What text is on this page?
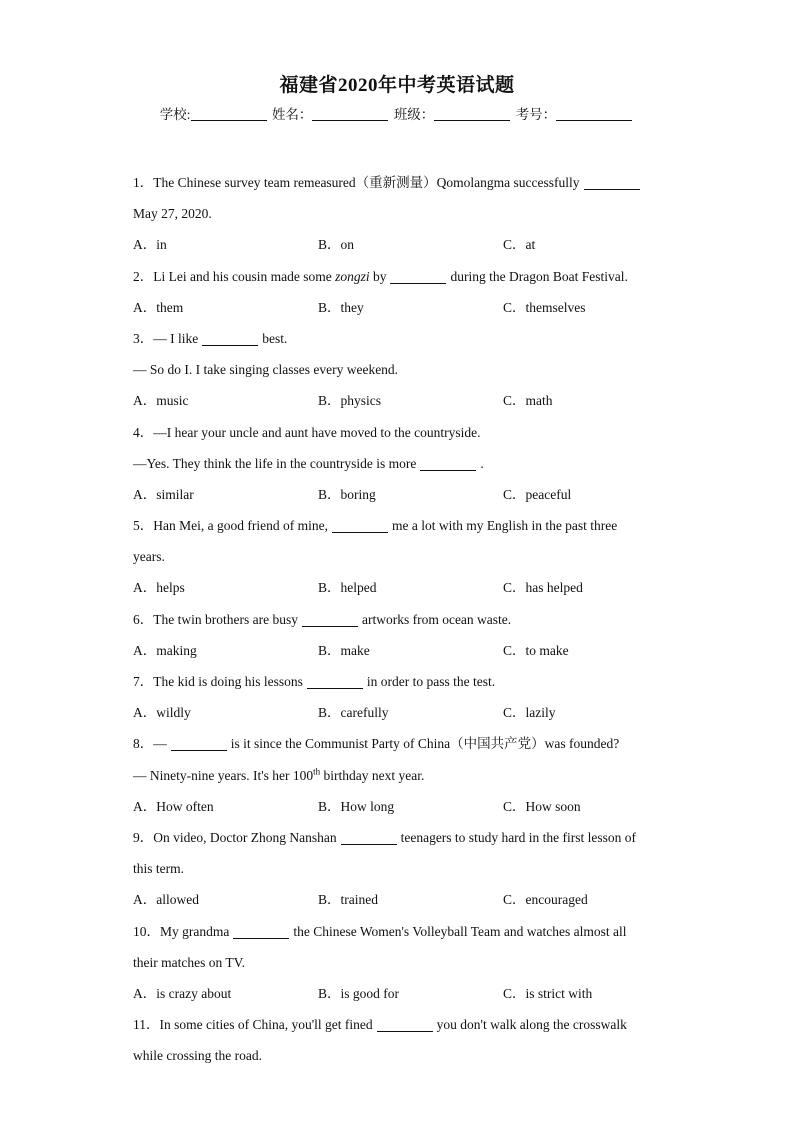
福建省2020年中考英语试题
学校:	姓名：	班级：	考号：
1．The Chinese survey team remeasured（重新测量）Qomolangma successfully
May 27, 2020.
A．in	B．on	C．at
2．Li Lei and his cousin made some zongzi by	during the Dragon Boat Festival.
A．them	B．they	C．themselves
3．— I like	best.
— So do I. I take singing classes every weekend.
A．music	B．physics	C．math
4．—I hear your uncle and aunt have moved to the countryside.
—Yes. They think the life in the countryside is more	.
A．similar	B．boring	C．peaceful
5．Han Mei, a good friend of mine,	me a lot with my English in the past three
years.
A．helps	B．helped	C．has helped
6．The twin brothers are busy	artworks from ocean waste.
A．making	B．make	C．to make
7．The kid is doing his lessons	in order to pass the test.
A．wildly	B．carefully	C．lazily
8．—	is it since the Communist Party of China（中国共产党）was founded?
— Ninety-nine years. It's her 100th birthday next year.
A．How often	B．How long	C．How soon
9．On video, Doctor Zhong Nanshan	teenagers to study hard in the first lesson of
this term.
A．allowed	B．trained	C．encouraged
10．My grandma	the Chinese Women's Volleyball Team and watches almost all
their matches on TV.
A．is crazy about	B．is good for	C．is strict with
11．In some cities of China, you'll get fined	you don't walk along the crosswalk
while crossing the road.
